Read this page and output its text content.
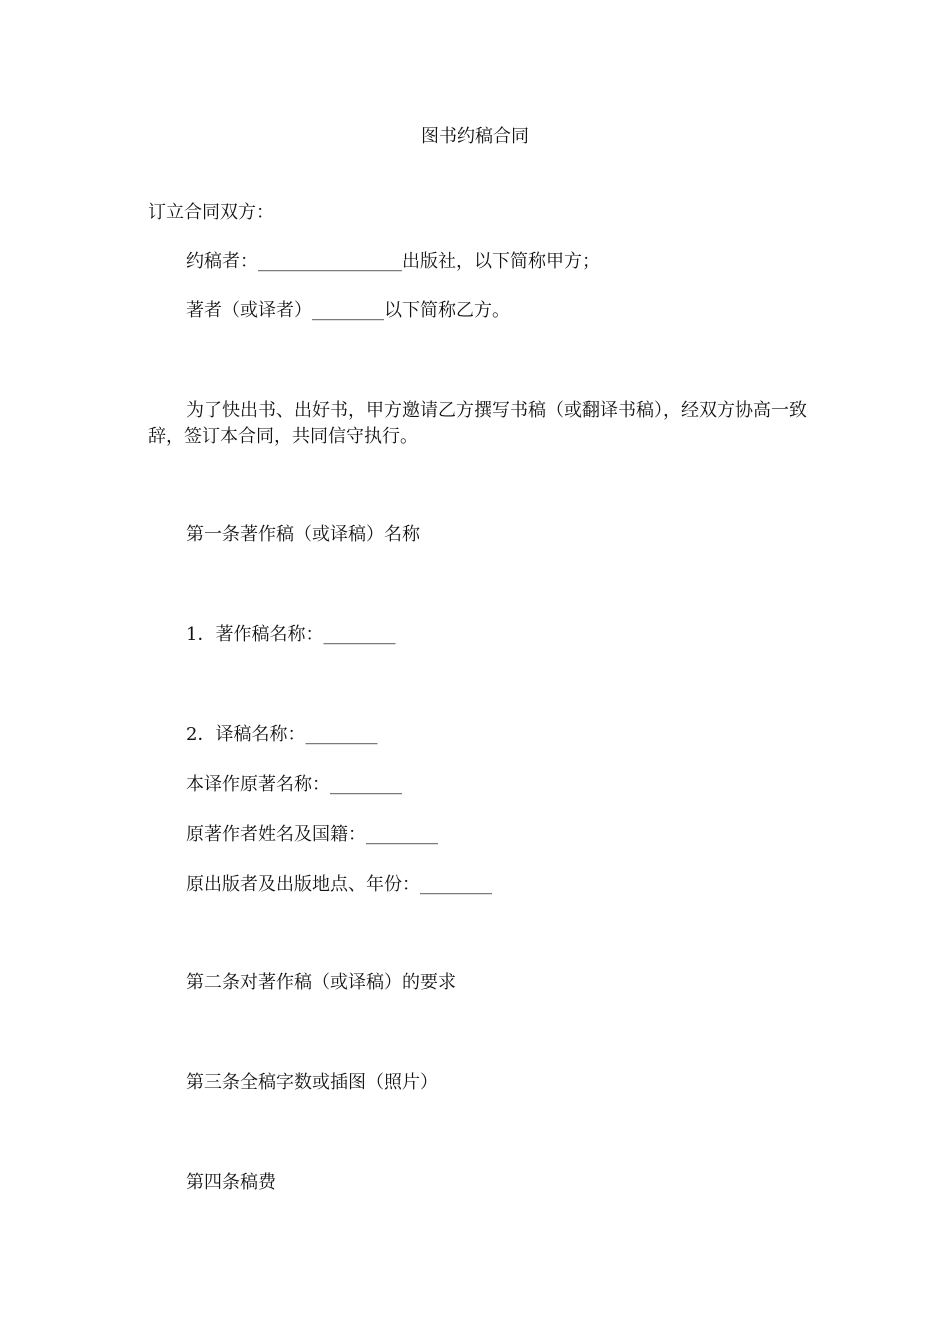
图书约稿合同
订立合同双方：
约稿者：________________出版社，以下简称甲方；
著者（或译者）________以下简称乙方。
为了快出书、出好书，甲方邀请乙方撰写书稿（或翻译书稿），经双方协高一致辞，签订本合同，共同信守执行。
第一条著作稿（或译稿）名称
1．著作稿名称：________
2．译稿名称：________
本译作原著名称：________
原著作者姓名及国籍：________
原出版者及出版地点、年份：________
第二条对著作稿（或译稿）的要求
第三条全稿字数或插图（照片）
第四条稿费
